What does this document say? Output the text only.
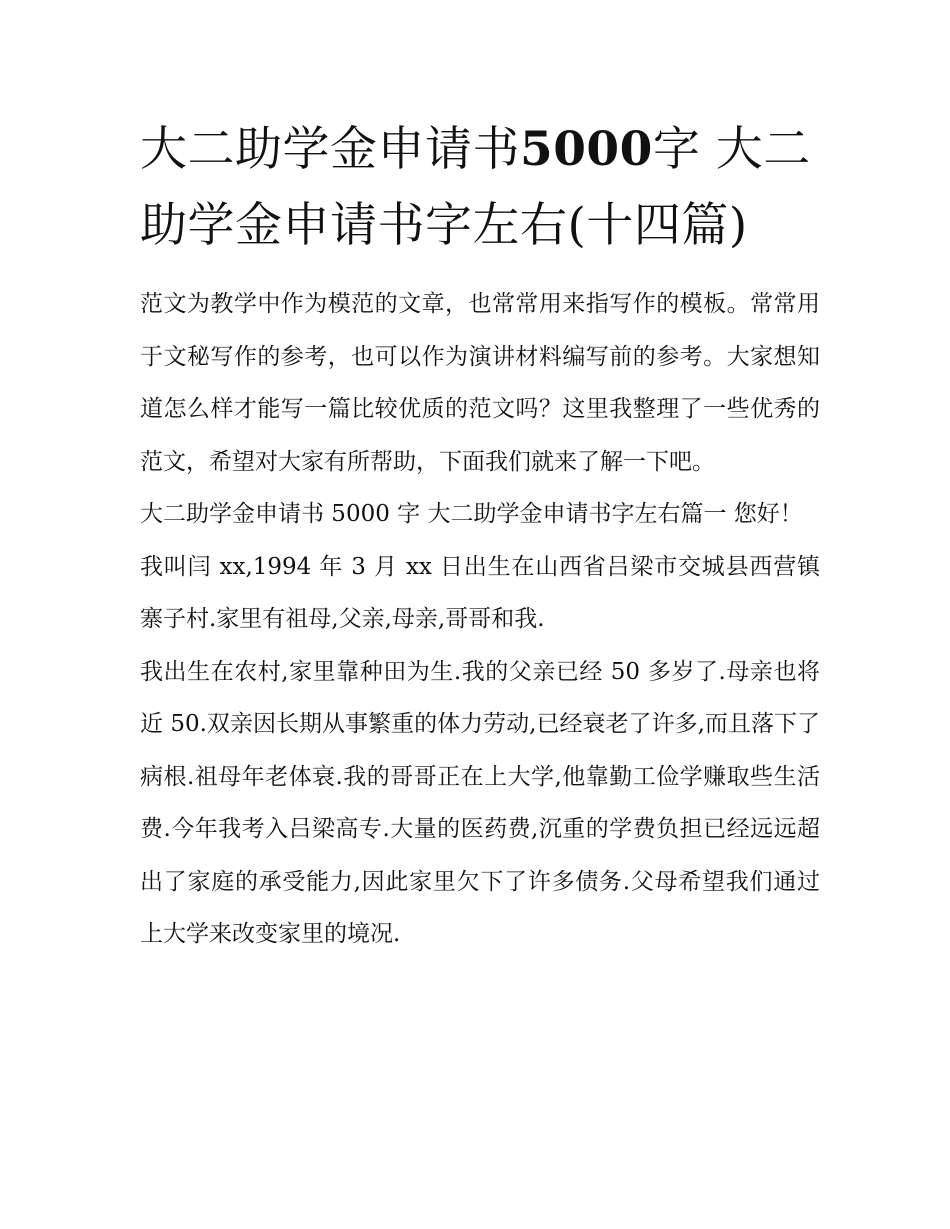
大二助学金申请书5000字 大二助学金申请书字左右(十四篇)

范文为教学中作为模范的文章，也常常用来指写作的模板。常常用于文秘写作的参考，也可以作为演讲材料编写前的参考。大家想知道怎么样才能写一篇比较优质的范文吗？这里我整理了一些优秀的范文，希望对大家有所帮助，下面我们就来了解一下吧。

大二助学金申请书 5000 字 大二助学金申请书字左右篇一 您好！

我叫闫 xx,1994 年 3 月 xx 日出生在山西省吕梁市交城县西营镇寨子村.家里有祖母,父亲,母亲,哥哥和我.

我出生在农村,家里靠种田为生.我的父亲已经 50 多岁了.母亲也将近 50.双亲因长期从事繁重的体力劳动,已经衰老了许多,而且落下了病根.祖母年老体衰.我的哥哥正在上大学,他靠勤工俭学赚取些生活费.今年我考入吕梁高专.大量的医药费,沉重的学费负担已经远远超出了家庭的承受能力,因此家里欠下了许多债务.父母希望我们通过上大学来改变家里的境况.
